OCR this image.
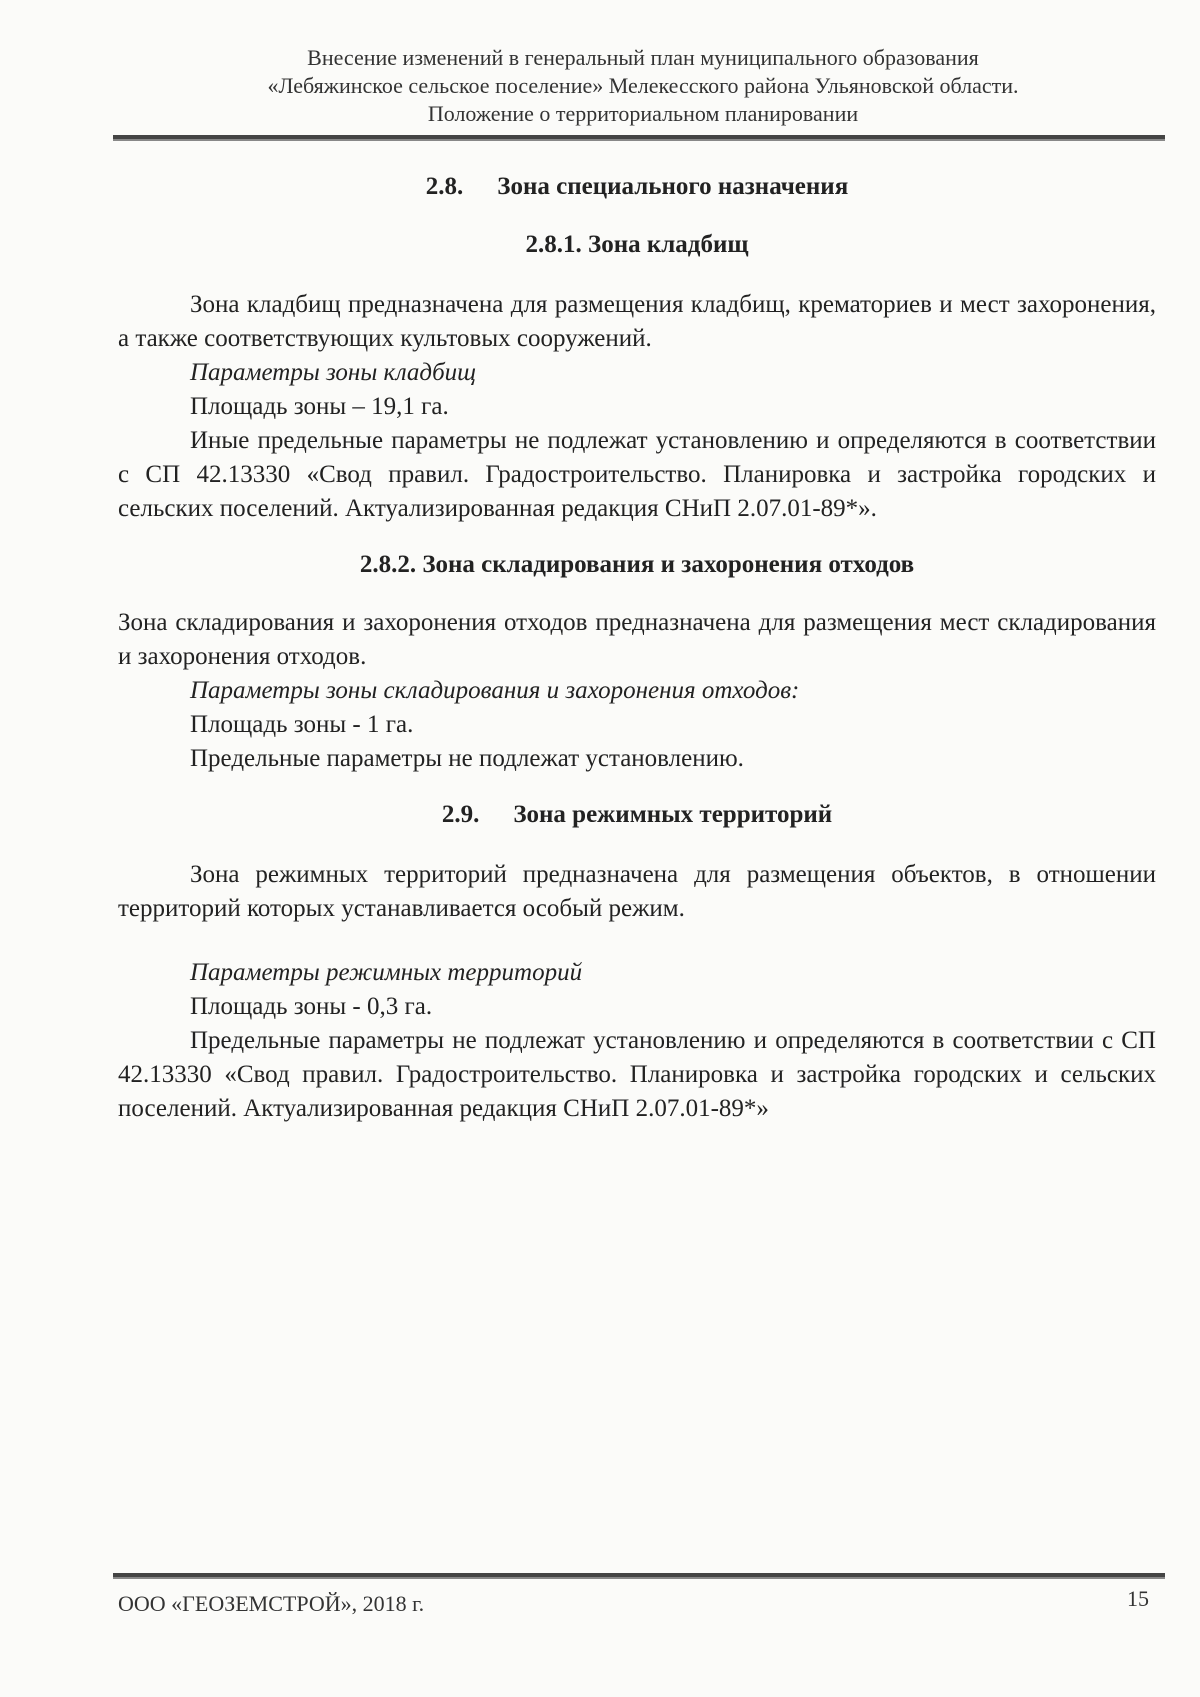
Внесение изменений в генеральный план муниципального образования
«Лебяжинское сельское поселение» Мелекесского района Ульяновской области.
Положение о территориальном планировании
2.8. Зона специального назначения
2.8.1. Зона кладбищ

Зона кладбищ предназначена для размещения кладбищ, крематориев и мест захоронения, а также соответствующих культовых сооружений.

Параметры зоны кладбищ

Площадь зоны – 19,1 га.

Иные предельные параметры не подлежат установлению и определяются в соответствии с СП 42.13330 «Свод правил. Градостроительство. Планировка и застройка городских и сельских поселений. Актуализированная редакция СНиП 2.07.01-89*».

2.8.2. Зона складирования и захоронения отходов

Зона складирования и захоронения отходов предназначена для размещения мест складирования и захоронения отходов.

Параметры зоны складирования и захоронения отходов:

Площадь зоны - 1 га.

Предельные параметры не подлежат установлению.

2.9. Зона режимных территорий

Зона режимных территорий предназначена для размещения объектов, в отношении территорий которых устанавливается особый режим.

Параметры режимных территорий

Площадь зоны - 0,3 га.

Предельные параметры не подлежат установлению и определяются в соответствии с СП 42.13330 «Свод правил. Градостроительство. Планировка и застройка городских и сельских поселений. Актуализированная редакция СНиП 2.07.01-89*»

ООО «ГЕОЗЕМСТРОЙ», 2018 г.	15
